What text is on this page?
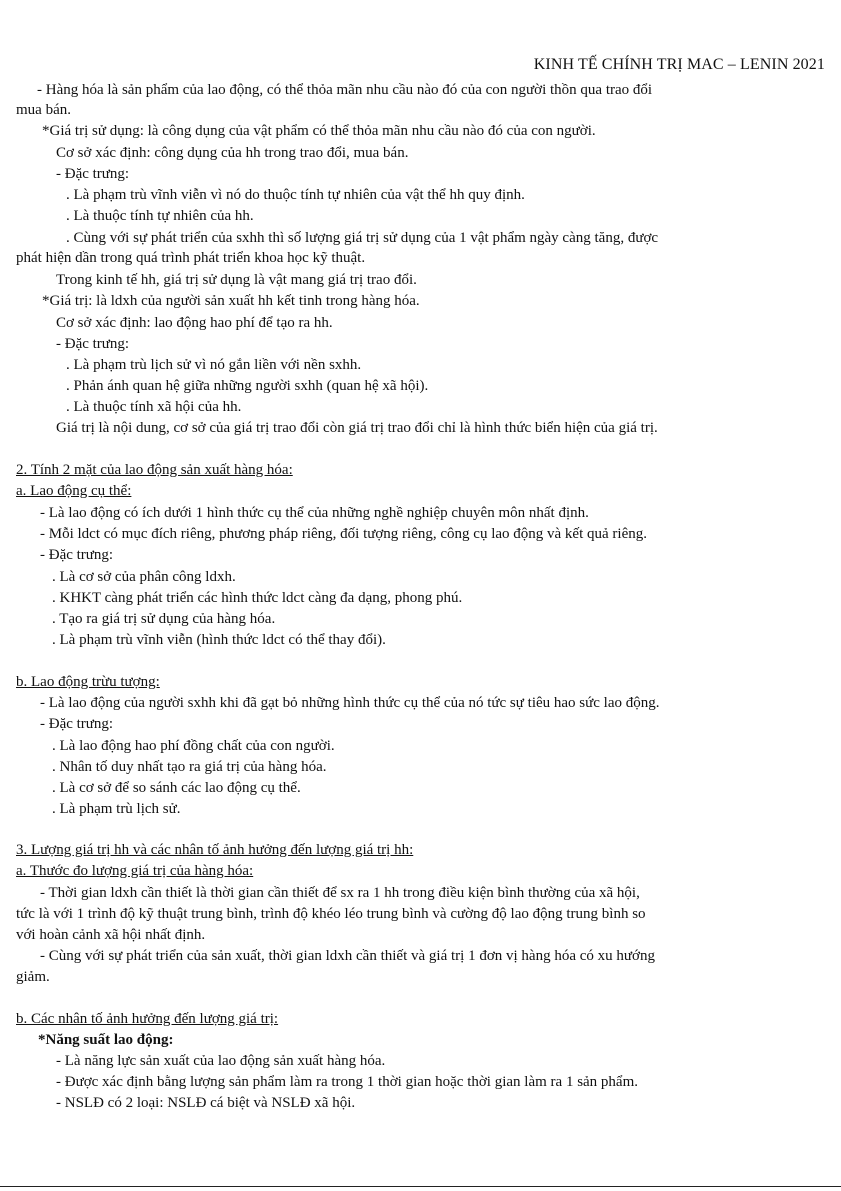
KINH TẾ CHÍNH TRỊ MAC – LENIN 2021
- Hàng hóa là sản phẩm của lao động, có thể thỏa mãn nhu cầu nào đó của con người thồn qua trao đổi
mua bán.
*Giá trị sử dụng: là công dụng của vật phẩm có thể thỏa mãn nhu cầu nào đó của con người.
Cơ sở xác định: công dụng của hh trong trao đổi, mua bán.
- Đặc trưng:
. Là phạm trù vĩnh viễn vì nó do thuộc tính tự nhiên của vật thể hh quy định.
. Là thuộc tính tự nhiên của hh.
. Cùng với sự phát triển của sxhh thì số lượng giá trị sử dụng của 1 vật phẩm ngày càng tăng, được
phát hiện dần trong quá trình phát triển khoa học kỹ thuật.
Trong kinh tế hh, giá trị sử dụng là vật mang giá trị trao đổi.
*Giá trị: là ldxh của người sản xuất hh kết tinh trong hàng hóa.
Cơ sở xác định: lao động hao phí để tạo ra hh.
- Đặc trưng:
. Là phạm trù lịch sử vì nó gắn liền với nền sxhh.
. Phản ánh quan hệ giữa những người sxhh (quan hệ xã hội).
. Là thuộc tính xã hội của hh.
Giá trị là nội dung, cơ sở của giá trị trao đổi còn giá trị trao đổi chỉ là hình thức biển hiện của giá trị.
2. Tính 2 mặt của lao động sản xuất hàng hóa:
a. Lao động cụ thể:
- Là lao động có ích dưới 1 hình thức cụ thể của những nghề nghiệp chuyên môn nhất định.
- Mỗi ldct có mục đích riêng, phương pháp riêng, đối tượng riêng, công cụ lao động và kết quả riêng.
- Đặc trưng:
. Là cơ sở của phân công ldxh.
. KHKT càng phát triển các hình thức ldct càng đa dạng, phong phú.
. Tạo ra giá trị sử dụng của hàng hóa.
. Là phạm trù vĩnh viễn (hình thức ldct có thể thay đổi).
b. Lao động trừu tượng:
- Là lao động của người sxhh khi đã gạt bỏ những hình thức cụ thể của nó tức sự tiêu hao sức lao động.
- Đặc trưng:
. Là lao động hao phí đồng chất của con người.
. Nhân tố duy nhất tạo ra giá trị của hàng hóa.
. Là cơ sở để so sánh các lao động cụ thể.
. Là phạm trù lịch sử.
3. Lượng giá trị hh và các nhân tố ảnh hưởng đến lượng giá trị hh:
a. Thước đo lượng giá trị của hàng hóa:
- Thời gian ldxh cần thiết là thời gian cần thiết để sx ra 1 hh trong điều kiện bình thường của xã hội,
tức là với 1 trình độ kỹ thuật trung bình, trình độ khéo léo trung bình và cường độ lao động trung bình so
với hoàn cảnh xã hội nhất định.
- Cùng với sự phát triển của sản xuất, thời gian ldxh cần thiết và giá trị 1 đơn vị hàng hóa có xu hướng
giảm.
b. Các nhân tố ảnh hưởng đến lượng giá trị:
*Năng suất lao động:
- Là năng lực sản xuất của lao động sản xuất hàng hóa.
- Được xác định bằng lượng sản phẩm làm ra trong 1 thời gian hoặc thời gian làm ra 1 sản phẩm.
- NSLĐ có 2 loại: NSLĐ cá biệt và NSLĐ xã hội.
